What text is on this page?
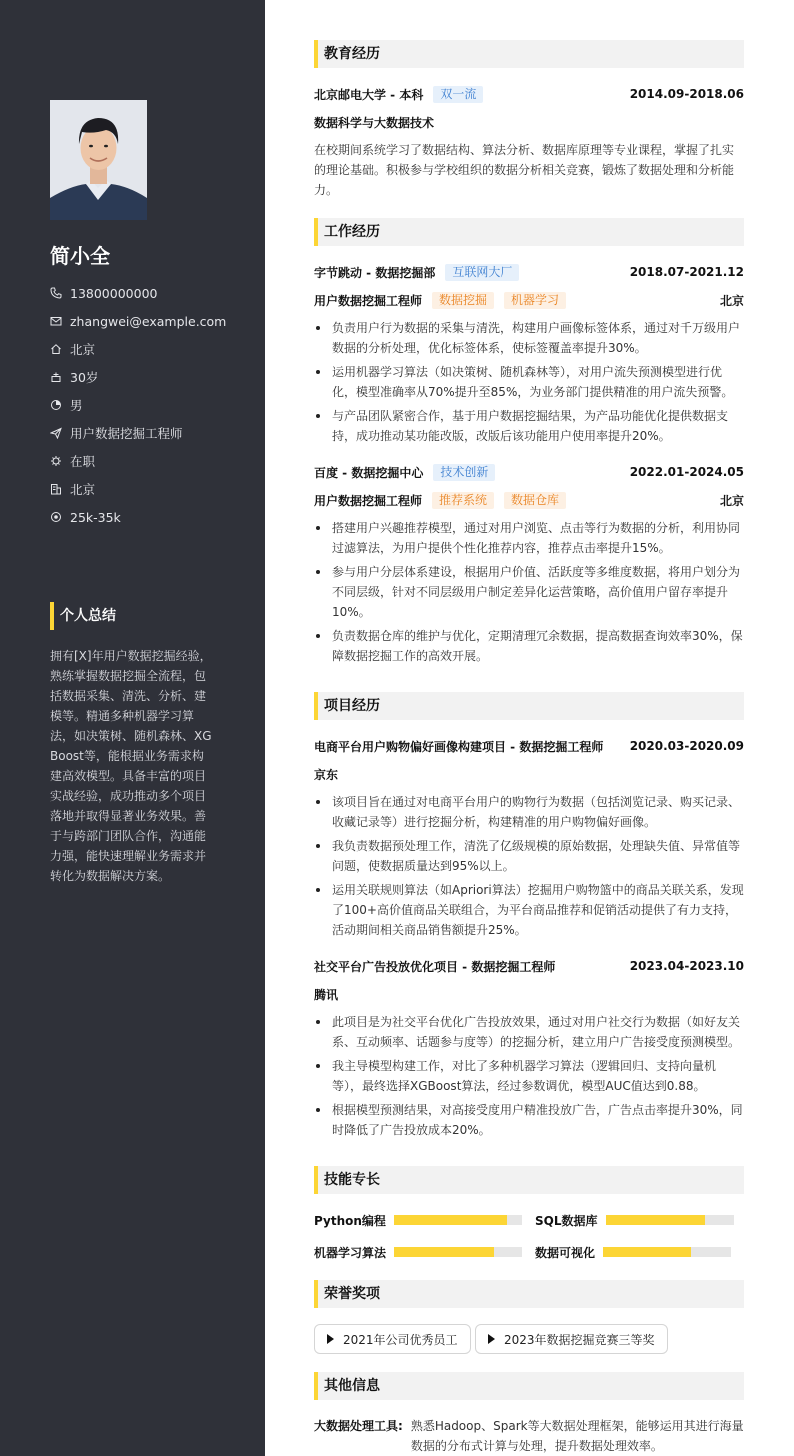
简小全
13800000000
zhangwei@example.com
北京
30岁
男
用户数据挖掘工程师
在职
北京
25k-35k
个人总结
拥有[X]年用户数据挖掘经验，熟练掌握数据挖掘全流程，包括数据采集、清洗、分析、建模等。精通多种机器学习算法，如决策树、随机森林、XGBoost等，能根据业务需求构建高效模型。具备丰富的项目实战经验，成功推动多个项目落地并取得显著业务效果。善于与跨部门团队合作，沟通能力强，能快速理解业务需求并转化为数据解决方案。
教育经历
北京邮电大学 - 本科	双一流	2014.09-2018.06
数据科学与大数据技术
在校期间系统学习了数据结构、算法分析、数据库原理等专业课程，掌握了扎实的理论基础。积极参与学校组织的数据分析相关竞赛，锻炼了数据处理和分析能力。
工作经历
字节跳动 - 数据挖掘部	互联网大厂	2018.07-2021.12
用户数据挖掘工程师	数据挖掘	机器学习	北京
负责用户行为数据的采集与清洗，构建用户画像标签体系，通过对千万级用户数据的分析处理，优化标签体系，使标签覆盖率提升30%。
运用机器学习算法（如决策树、随机森林等），对用户流失预测模型进行优化，模型准确率从70%提升至85%，为业务部门提供精准的用户流失预警。
与产品团队紧密合作，基于用户数据挖掘结果，为产品功能优化提供数据支持，成功推动某功能改版，改版后该功能用户使用率提升20%。
百度 - 数据挖掘中心	技术创新	2022.01-2024.05
用户数据挖掘工程师	推荐系统	数据仓库	北京
搭建用户兴趣推荐模型，通过对用户浏览、点击等行为数据的分析，利用协同过滤算法，为用户提供个性化推荐内容，推荐点击率提升15%。
参与用户分层体系建设，根据用户价值、活跃度等多维度数据，将用户划分为不同层级，针对不同层级用户制定差异化运营策略，高价值用户留存率提升10%。
负责数据仓库的维护与优化，定期清理冗余数据，提高数据查询效率30%，保障数据挖掘工作的高效开展。
项目经历
电商平台用户购物偏好画像构建项目 - 数据挖掘工程师 2020.03-2020.09
京东
该项目旨在通过对电商平台用户的购物行为数据（包括浏览记录、购买记录、收藏记录等）进行挖掘分析，构建精准的用户购物偏好画像。
我负责数据预处理工作，清洗了亿级规模的原始数据，处理缺失值、异常值等问题，使数据质量达到95%以上。
运用关联规则算法（如Apriori算法）挖掘用户购物篮中的商品关联关系，发现了100+高价值商品关联组合，为平台商品推荐和促销活动提供了有力支持，活动期间相关商品销售额提升25%。
社交平台广告投放优化项目 - 数据挖掘工程师	2023.04-2023.10
腾讯
此项目是为社交平台优化广告投放效果，通过对用户社交行为数据（如好友关系、互动频率、话题参与度等）的挖掘分析，建立用户广告接受度预测模型。
我主导模型构建工作，对比了多种机器学习算法（逻辑回归、支持向量机等），最终选择XGBoost算法，经过参数调优，模型AUC值达到0.88。
根据模型预测结果，对高接受度用户精准投放广告，广告点击率提升30%，同时降低了广告投放成本20%。
技能专长
Python编程	SQL数据库
机器学习算法	数据可视化
荣誉奖项
2021年公司优秀员工	2023年数据挖掘竞赛三等奖
其他信息
大数据处理工具: 熟悉Hadoop、Spark等大数据处理框架，能够运用其进行海量数据的分布式计算与处理，提升数据处理效率。
